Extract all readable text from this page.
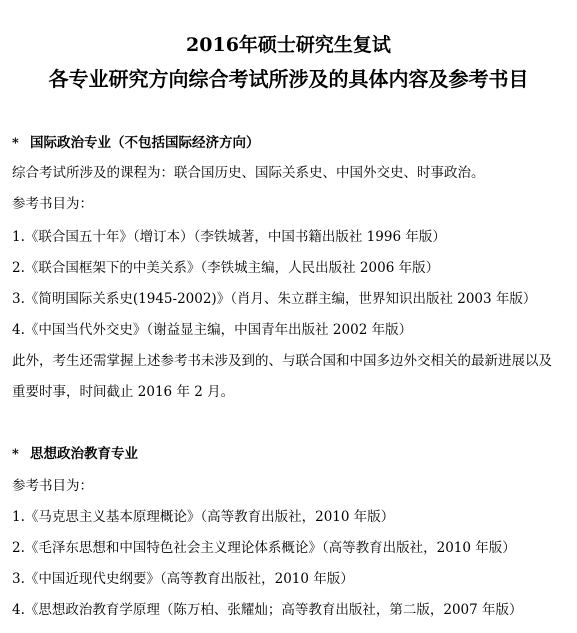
2016年硕士研究生复试
各专业研究方向综合考试所涉及的具体内容及参考书目
* 国际政治专业（不包括国际经济方向）
综合考试所涉及的课程为：联合国历史、国际关系史、中国外交史、时事政治。
参考书目为：
1.《联合国五十年》（增订本）（李铁城著，中国书籍出版社 1996 年版）
2.《联合国框架下的中美关系》（李铁城主编，人民出版社 2006 年版）
3.《简明国际关系史(1945-2002)》（肖月、朱立群主编，世界知识出版社 2003 年版）
4.《中国当代外交史》（谢益显主编，中国青年出版社 2002 年版）
此外，考生还需掌握上述参考书未涉及到的、与联合国和中国多边外交相关的最新进展以及
重要时事，时间截止 2016 年 2 月。
* 思想政治教育专业
参考书目为：
1.《马克思主义基本原理概论》（高等教育出版社，2010 年版）
2.《毛泽东思想和中国特色社会主义理论体系概论》（高等教育出版社，2010 年版）
3.《中国近现代史纲要》（高等教育出版社，2010 年版）
4.《思想政治教育学原理（陈万柏、张耀灿；高等教育出版社，第二版，2007 年版）
